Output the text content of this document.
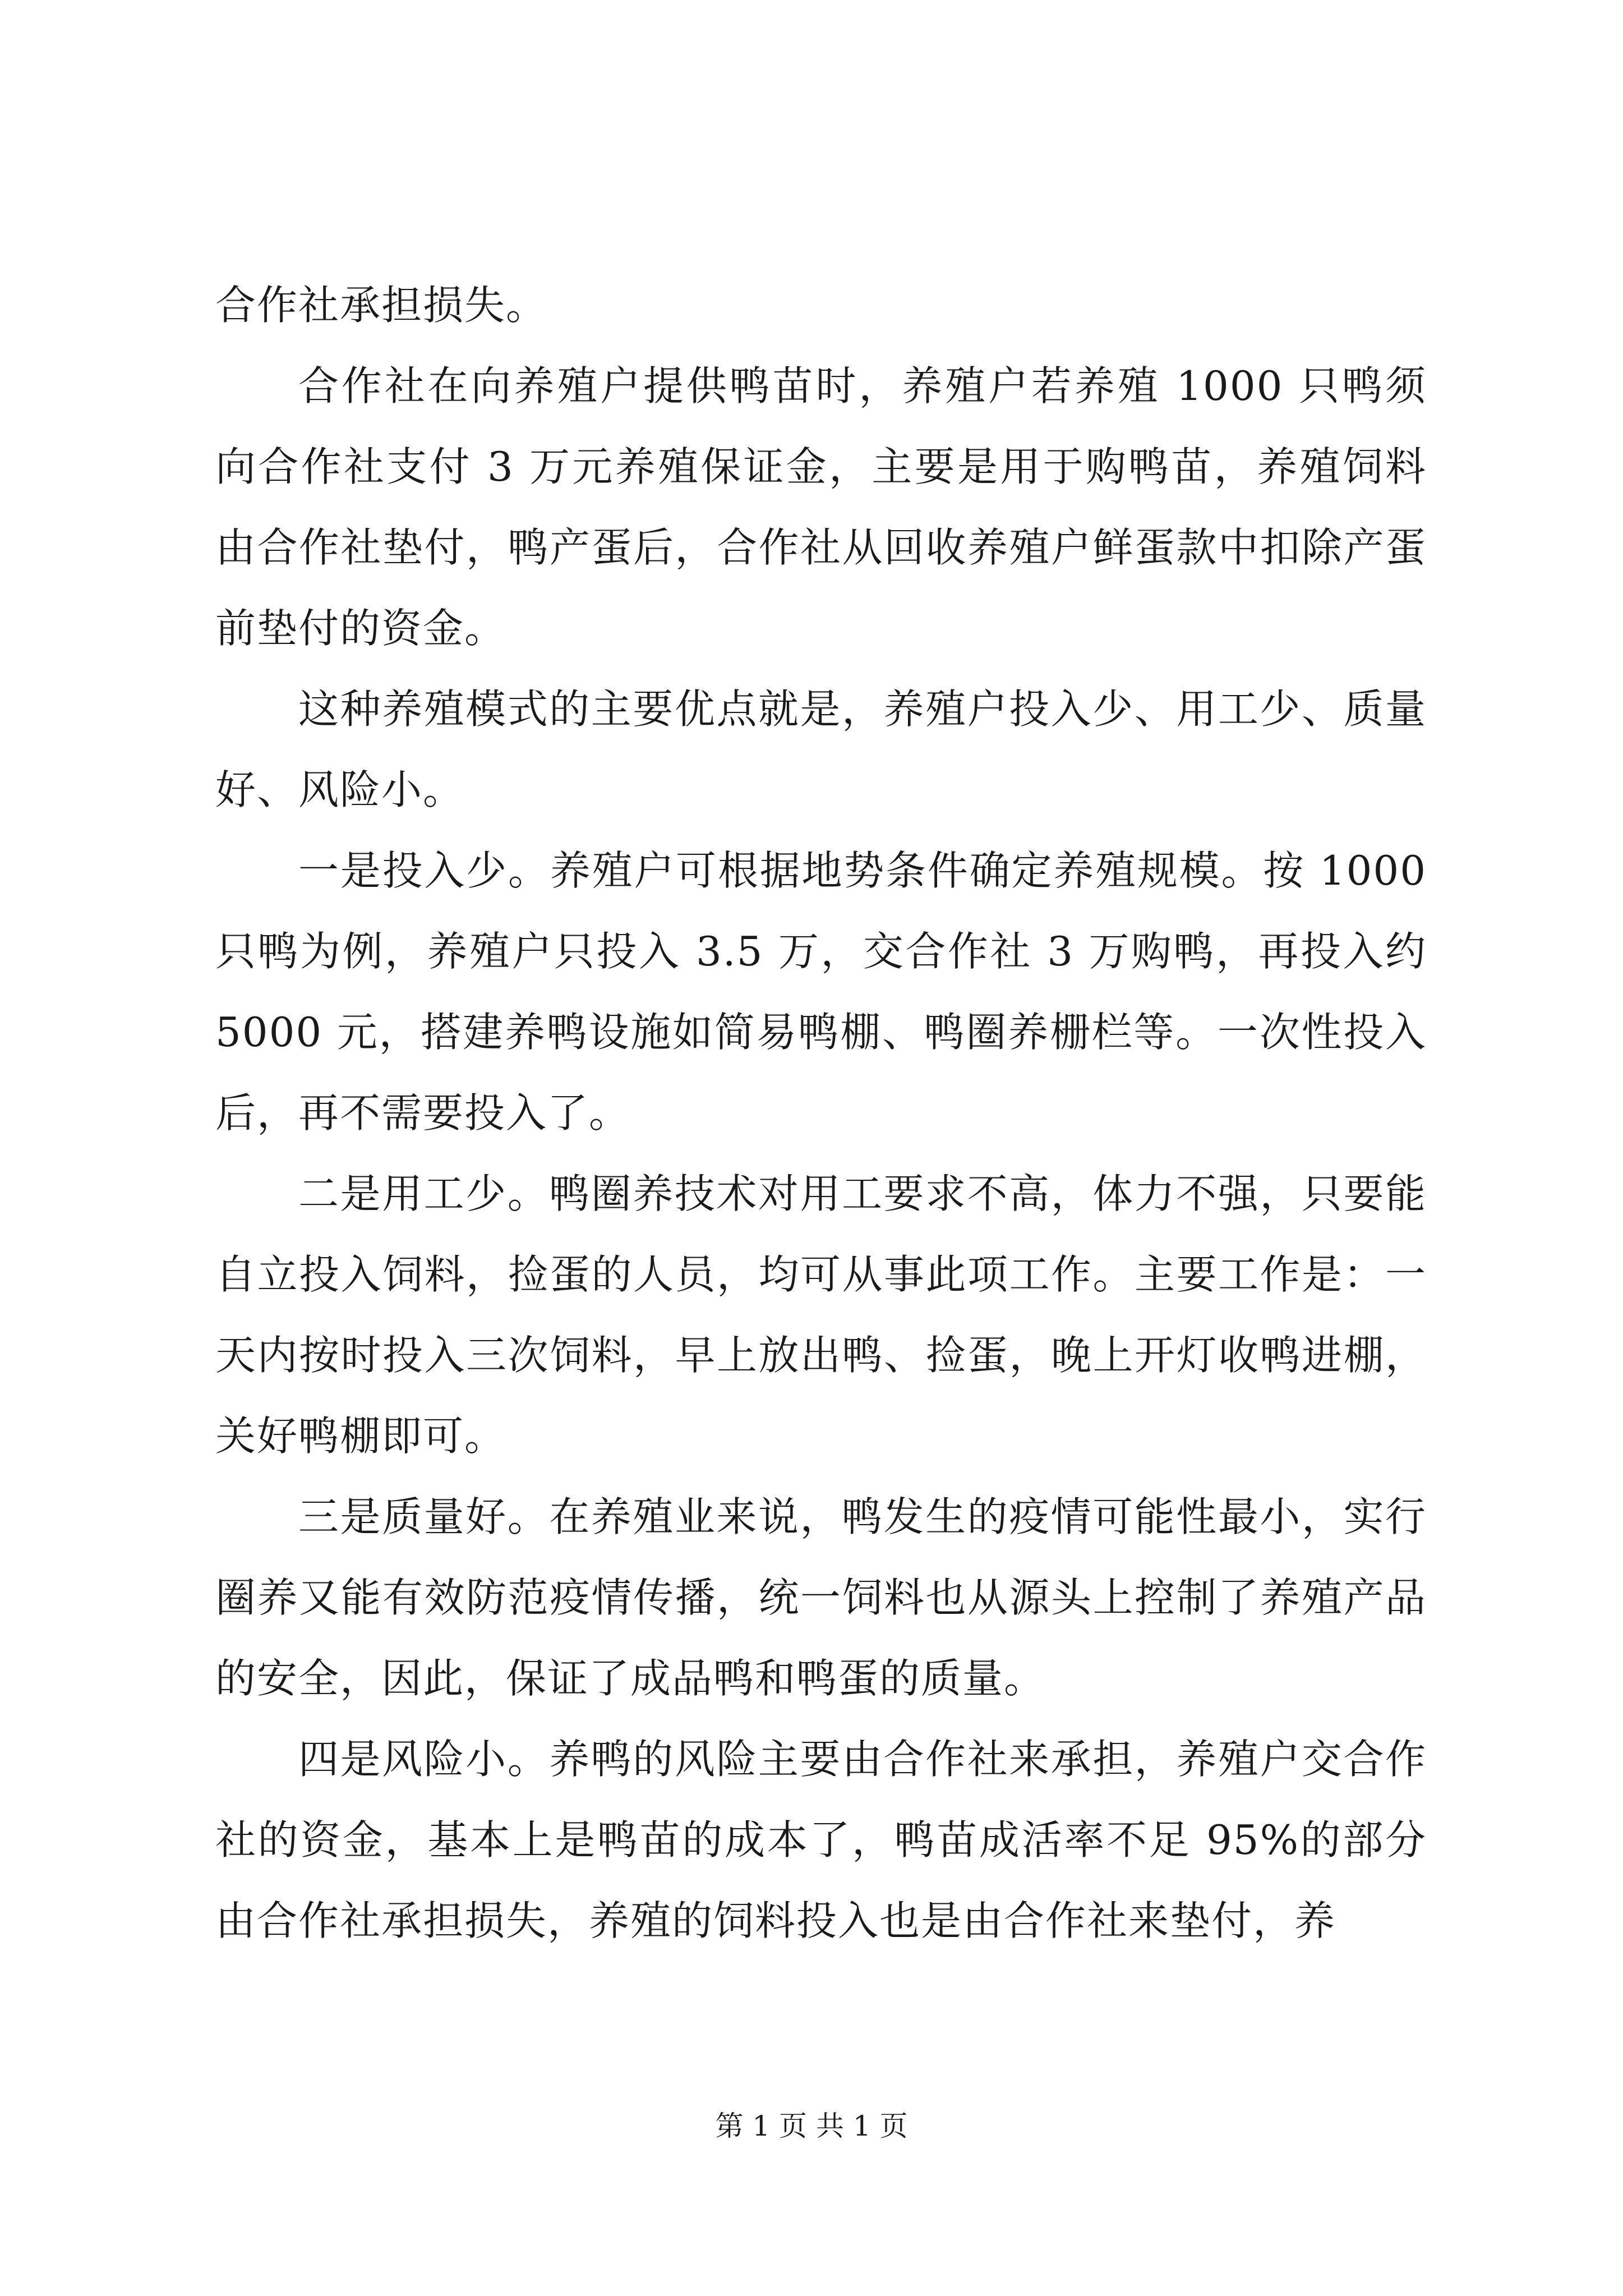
合作社承担损失。

合作社在向养殖户提供鸭苗时，养殖户若养殖 1000 只鸭须向合作社支付 3 万元养殖保证金，主要是用于购鸭苗，养殖饲料由合作社垫付，鸭产蛋后，合作社从回收养殖户鲜蛋款中扣除产蛋前垫付的资金。

这种养殖模式的主要优点就是，养殖户投入少、用工少、质量好、风险小。

一是投入少。养殖户可根据地势条件确定养殖规模。按 1000 只鸭为例，养殖户只投入 3.5 万，交合作社 3 万购鸭，再投入约 5000 元，搭建养鸭设施如简易鸭棚、鸭圈养栅栏等。一次性投入后，再不需要投入了。

二是用工少。鸭圈养技术对用工要求不高，体力不强，只要能自立投入饲料，捡蛋的人员，均可从事此项工作。主要工作是：一天内按时投入三次饲料，早上放出鸭、捡蛋，晚上开灯收鸭进棚，关好鸭棚即可。

三是质量好。在养殖业来说，鸭发生的疫情可能性最小，实行圈养又能有效防范疫情传播，统一饲料也从源头上控制了养殖产品的安全，因此，保证了成品鸭和鸭蛋的质量。

四是风险小。养鸭的风险主要由合作社来承担，养殖户交合作社的资金，基本上是鸭苗的成本了，鸭苗成活率不足 95%的部分由合作社承担损失，养殖的饲料投入也是由合作社来垫付，养

第 1 页 共 1 页
